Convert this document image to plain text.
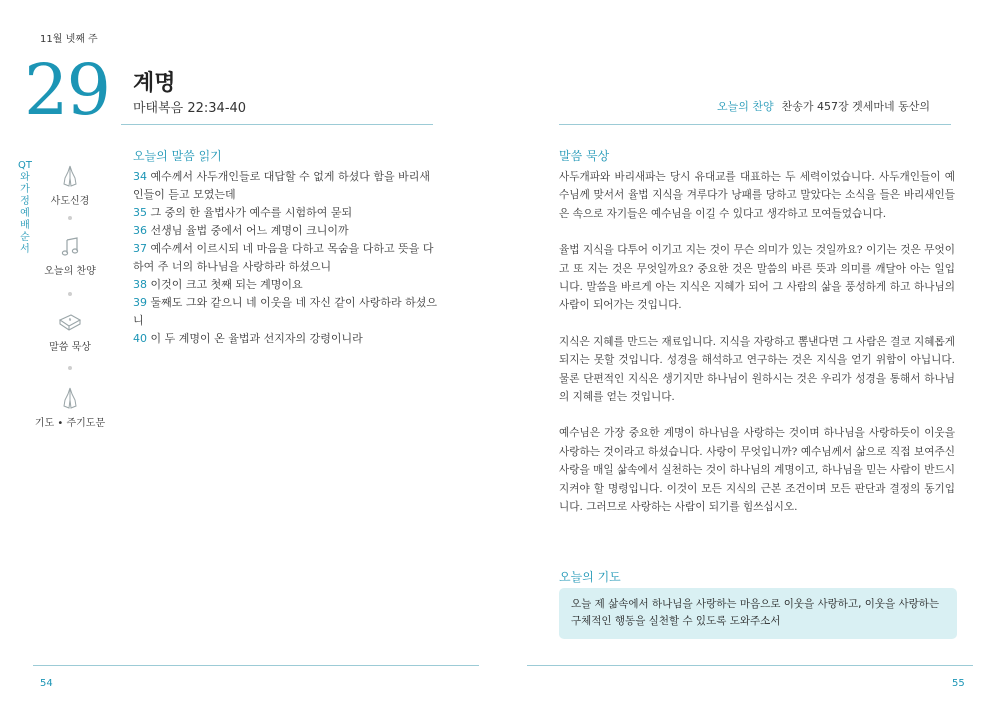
11월 넷째 주
29 계명
마태복음 22:34-40
QT와 가정예배 순서
사도신경
오늘의 찬양
말씀 묵상
기도 • 주기도문
오늘의 말씀 읽기
34 예수께서 사두개인들로 대답할 수 없게 하셨다 함을 바리새인들이 듣고 모였는데
35 그 중의 한 율법사가 예수를 시험하여 묻되
36 선생님 율법 중에서 어느 계명이 크니이까
37 예수께서 이르시되 네 마음을 다하고 목숨을 다하고 뜻을 다하여 주 너의 하나님을 사랑하라 하셨으니
38 이것이 크고 첫째 되는 계명이요
39 둘째도 그와 같으니 네 이웃을 네 자신 같이 사랑하라 하셨으니
40 이 두 계명이 온 율법과 선지자의 강령이니라
54
오늘의 찬양 찬송가 457장 겟세마네 동산의
말씀 묵상

사두개파와 바리새파는 당시 유대교를 대표하는 두 세력이었습니다. 사두개인들이 예수님께 맞서서 율법 지식을 겨루다가 낭패를 당하고 말았다는 소식을 들은 바리새인들은 속으로 자기들은 예수님을 이길 수 있다고 생각하고 모여들었습니다.

율법 지식을 다투어 이기고 지는 것이 무슨 의미가 있는 것일까요? 이기는 것은 무엇이고 또 지는 것은 무엇일까요? 중요한 것은 말씀의 바른 뜻과 의미를 깨달아 아는 일입니다. 말씀을 바르게 아는 지식은 지혜가 되어 그 사람의 삶을 풍성하게 하고 하나님의 사람이 되어가는 것입니다.

지식은 지혜를 만드는 재료입니다. 지식을 자랑하고 뽐낸다면 그 사람은 결코 지혜롭게 되지는 못할 것입니다. 성경을 해석하고 연구하는 것은 지식을 얻기 위함이 아닙니다. 물론 단편적인 지식은 생기지만 하나님이 원하시는 것은 우리가 성경을 통해서 하나님의 지혜를 얻는 것입니다.

예수님은 가장 중요한 계명이 하나님을 사랑하는 것이며 하나님을 사랑하듯이 이웃을 사랑하는 것이라고 하셨습니다. 사랑이 무엇입니까? 예수님께서 삶으로 직접 보여주신 사랑을 매일 삶속에서 실천하는 것이 하나님의 계명이고, 하나님을 믿는 사람이 반드시 지켜야 할 명령입니다. 이것이 모든 지식의 근본 조건이며 모든 판단과 결정의 동기입니다. 그러므로 사랑하는 사람이 되기를 힘쓰십시오.

오늘의 기도
오늘 제 삶속에서 하나님을 사랑하는 마음으로 이웃을 사랑하고, 이웃을 사랑하는 구체적인 행동을 실천할 수 있도록 도와주소서
55
